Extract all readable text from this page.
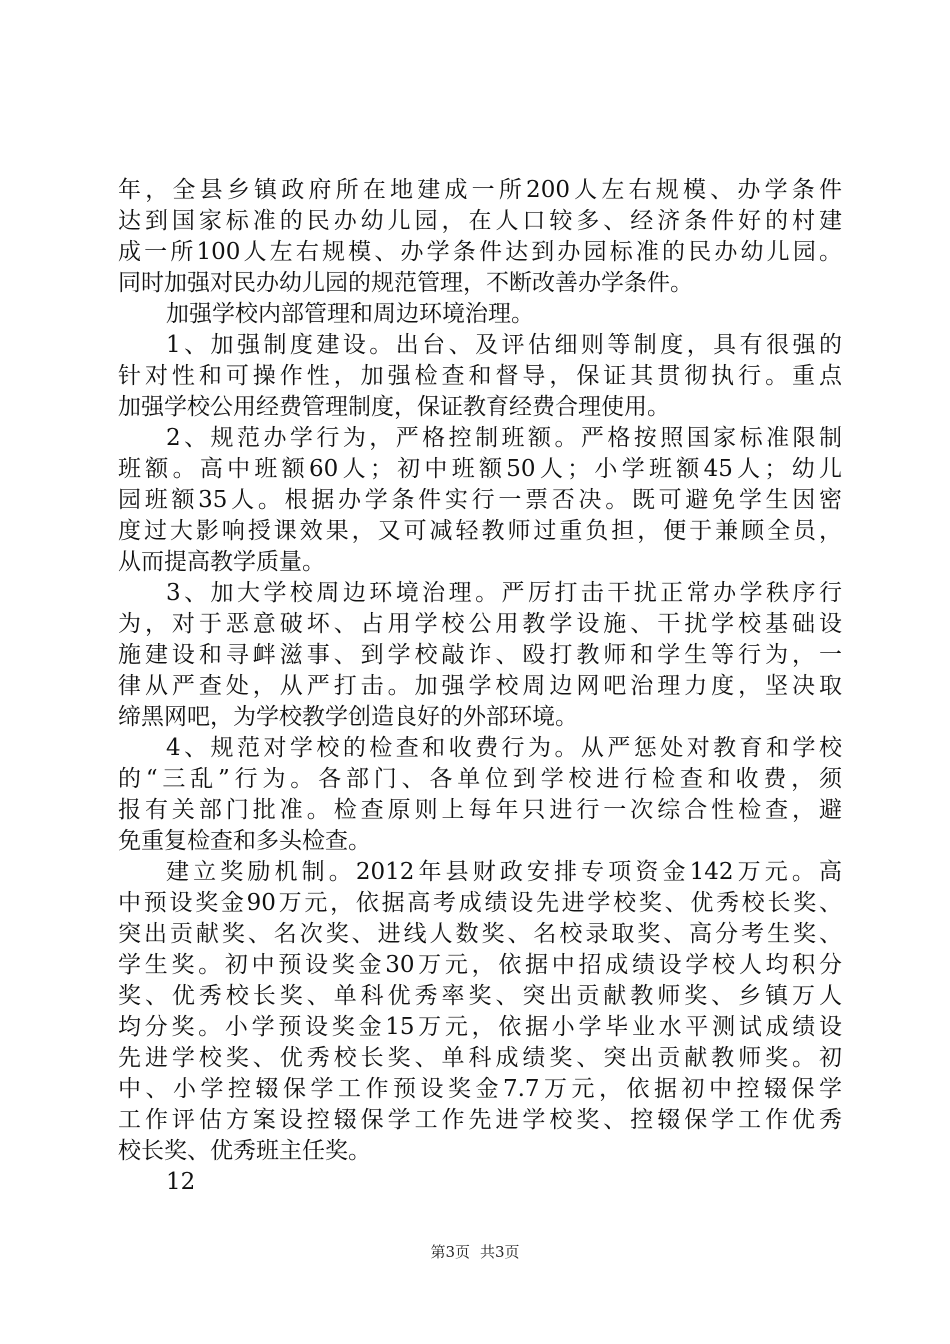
年，全县乡镇政府所在地建成一所200人左右规模、办学条件
达到国家标准的民办幼儿园，在人口较多、经济条件好的村建
成一所100人左右规模、办学条件达到办园标准的民办幼儿园。
同时加强对民办幼儿园的规范管理，不断改善办学条件。
加强学校内部管理和周边环境治理。
1、加强制度建设。出台、及评估细则等制度，具有很强的
针对性和可操作性，加强检查和督导，保证其贯彻执行。重点
加强学校公用经费管理制度，保证教育经费合理使用。
2、规范办学行为，严格控制班额。严格按照国家标准限制
班额。高中班额60人；初中班额50人；小学班额45人；幼儿
园班额35人。根据办学条件实行一票否决。既可避免学生因密
度过大影响授课效果，又可减轻教师过重负担，便于兼顾全员，
从而提高教学质量。
3、加大学校周边环境治理。严厉打击干扰正常办学秩序行
为，对于恶意破坏、占用学校公用教学设施、干扰学校基础设
施建设和寻衅滋事、到学校敲诈、殴打教师和学生等行为，一
律从严查处，从严打击。加强学校周边网吧治理力度，坚决取
缔黑网吧，为学校教学创造良好的外部环境。
4、规范对学校的检查和收费行为。从严惩处对教育和学校
的“三乱”行为。各部门、各单位到学校进行检查和收费，须
报有关部门批准。检查原则上每年只进行一次综合性检查，避
免重复检查和多头检查。
建立奖励机制。2012年县财政安排专项资金142万元。高
中预设奖金90万元，依据高考成绩设先进学校奖、优秀校长奖、
突出贡献奖、名次奖、进线人数奖、名校录取奖、高分考生奖、
学生奖。初中预设奖金30万元，依据中招成绩设学校人均积分
奖、优秀校长奖、单科优秀率奖、突出贡献教师奖、乡镇万人
均分奖。小学预设奖金15万元，依据小学毕业水平测试成绩设
先进学校奖、优秀校长奖、单科成绩奖、突出贡献教师奖。初
中、小学控辍保学工作预设奖金7.7万元，依据初中控辍保学
工作评估方案设控辍保学工作先进学校奖、控辍保学工作优秀
校长奖、优秀班主任奖。
12
第3页 共3页
